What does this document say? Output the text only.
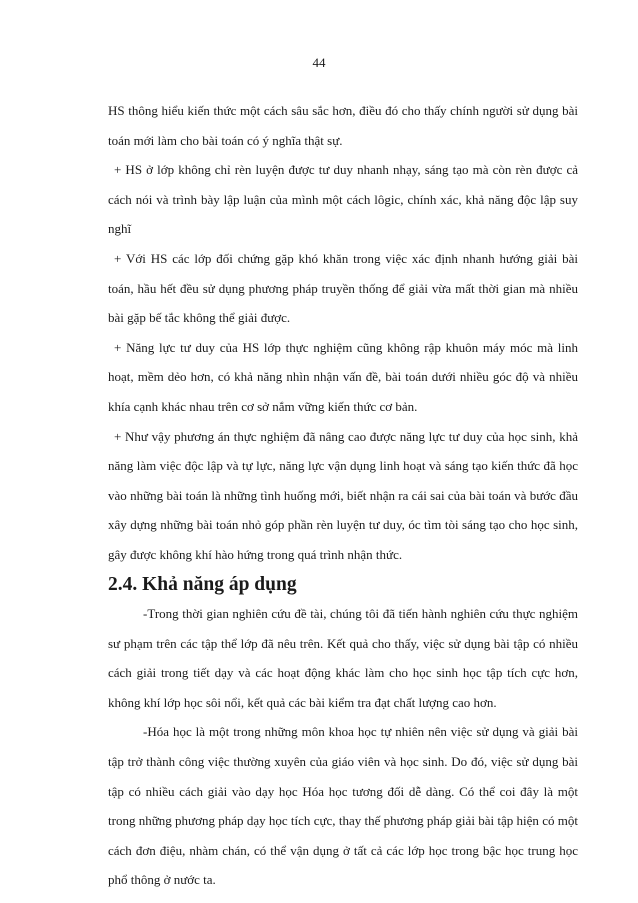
44

HS thông hiểu kiến thức một cách sâu sắc hơn, điều đó cho thấy chính người sử dụng bài toán mới làm cho bài toán có ý nghĩa thật sự.

+ HS ở lớp không chỉ rèn luyện được tư duy nhanh nhạy, sáng tạo mà còn rèn được cả cách nói và trình bày lập luận của mình một cách lôgic, chính xác, khả năng độc lập suy nghĩ

+ Với HS các lớp đối chứng gặp khó khăn trong việc xác định nhanh hướng giải bài toán, hầu hết đều sử dụng phương pháp truyền thống để giải vừa mất thời gian mà nhiều bài gặp bế tắc không thể giải được.

+ Năng lực tư duy của HS lớp thực nghiệm cũng không rập khuôn máy móc mà linh hoạt, mềm dẻo hơn, có khả năng nhìn nhận vấn đề, bài toán dưới nhiều góc độ và nhiều khía cạnh khác nhau trên cơ sở nắm vững kiến thức cơ bản.

+ Như vậy phương án thực nghiệm đã nâng cao được năng lực tư duy của học sinh, khả năng làm việc độc lập và tự lực, năng lực vận dụng linh hoạt và sáng tạo kiến thức đã học vào những bài toán là những tình huống mới, biết nhận ra cái sai của bài toán và bước đầu xây dựng những bài toán nhỏ góp phần rèn luyện tư duy, óc tìm tòi sáng tạo cho học sinh, gây được không khí hào hứng trong quá trình nhận thức.

2.4. Khả năng áp dụng

-Trong thời gian nghiên cứu đề tài, chúng tôi đã tiến hành nghiên cứu thực nghiệm sư phạm trên các tập thể lớp đã nêu trên. Kết quả cho thấy, việc sử dụng bài tập có nhiều cách giải trong tiết dạy và các hoạt động khác làm cho học sinh học tập tích cực hơn, không khí lớp học sôi nổi, kết quả các bài kiểm tra đạt chất lượng cao hơn.

-Hóa học là một trong những môn khoa học tự nhiên nên việc sử dụng và giải bài tập trở thành công việc thường xuyên của giáo viên và học sinh. Do đó, việc sử dụng bài tập có nhiều cách giải vào dạy học Hóa học tương đối dễ dàng. Có thể coi đây là một trong những phương pháp dạy học tích cực, thay thế phương pháp giải bài tập hiện có một cách đơn điệu, nhàm chán, có thể vận dụng ở tất cả các lớp học trong bậc học trung học phổ thông ở nước ta.
